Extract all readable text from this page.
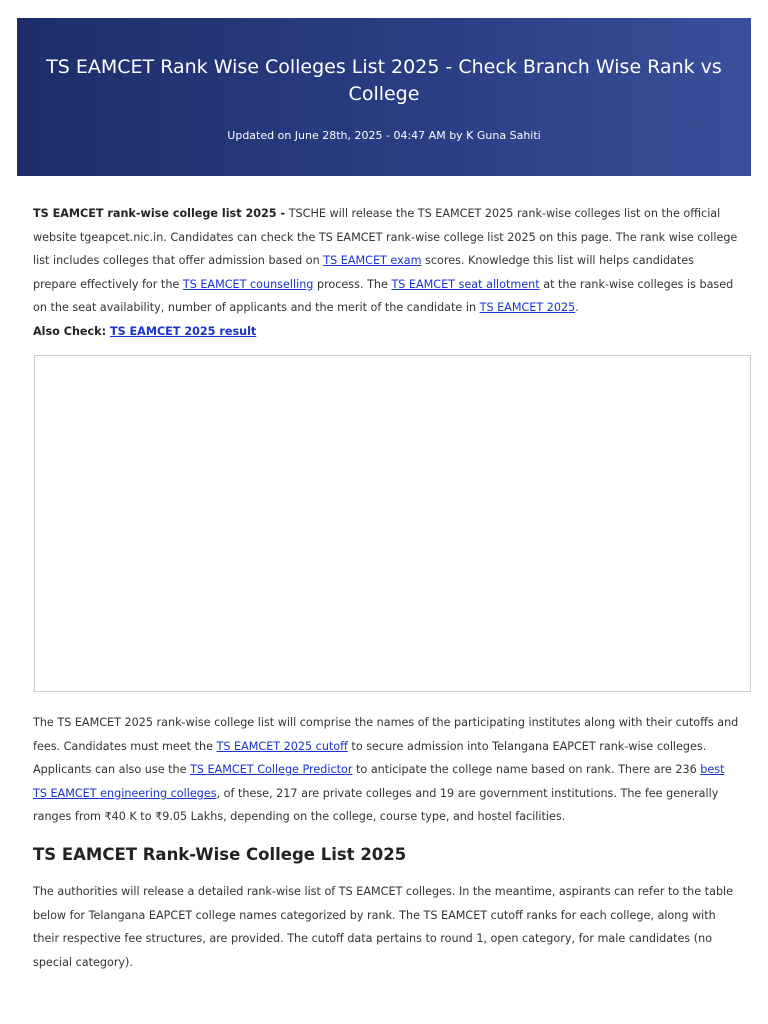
TS EAMCET Rank Wise Colleges List 2025 - Check Branch Wise Rank vs College
Updated on June 28th, 2025 - 04:47 AM by K Guna Sahiti

TS EAMCET rank-wise college list 2025 - TSCHE will release the TS EAMCET 2025 rank-wise colleges list on the official website tgeapcet.nic.in. Candidates can check the TS EAMCET rank-wise college list 2025 on this page. The rank wise college list includes colleges that offer admission based on TS EAMCET exam scores. Knowledge this list will helps candidates prepare effectively for the TS EAMCET counselling process. The TS EAMCET seat allotment at the rank-wise colleges is based on the seat availability, number of applicants and the merit of the candidate in TS EAMCET 2025.

Also Check: TS EAMCET 2025 result

The TS EAMCET 2025 rank-wise college list will comprise the names of the participating institutes along with their cutoffs and fees. Candidates must meet the TS EAMCET 2025 cutoff to secure admission into Telangana EAPCET rank-wise colleges. Applicants can also use the TS EAMCET College Predictor to anticipate the college name based on rank. There are 236 best TS EAMCET engineering colleges, of these, 217 are private colleges and 19 are government institutions. The fee generally ranges from ₹40 K to ₹9.05 Lakhs, depending on the college, course type, and hostel facilities.

TS EAMCET Rank-Wise College List 2025

The authorities will release a detailed rank-wise list of TS EAMCET colleges. In the meantime, aspirants can refer to the table below for Telangana EAPCET college names categorized by rank. The TS EAMCET cutoff ranks for each college, along with their respective fee structures, are provided. The cutoff data pertains to round 1, open category, for male candidates (no special category).
